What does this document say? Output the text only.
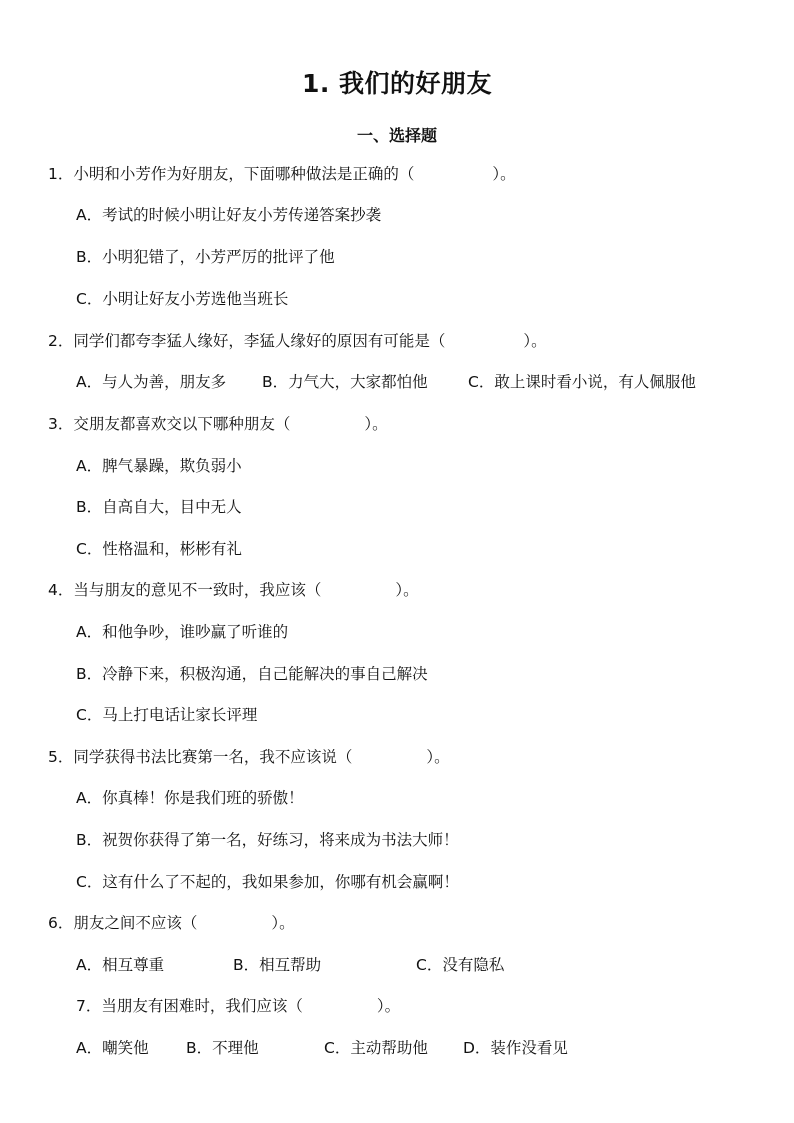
1. 我们的好朋友
一、选择题
1．小明和小芳作为好朋友，下面哪种做法是正确的（	）。
A．考试的时候小明让好友小芳传递答案抄袭
B．小明犯错了，小芳严厉的批评了他
C．小明让好友小芳选他当班长
2．同学们都夸李猛人缘好，李猛人缘好的原因有可能是（	）。
A．与人为善，朋友多 B．力气大，大家都怕他	C．敢上课时看小说，有人佩服他
3．交朋友都喜欢交以下哪种朋友（	）。
A．脾气暴躁，欺负弱小
B．自高自大，目中无人
C．性格温和，彬彬有礼
4．当与朋友的意见不一致时，我应该（	）。
A．和他争吵，谁吵赢了听谁的
B．冷静下来，积极沟通，自己能解决的事自己解决
C．马上打电话让家长评理
5．同学获得书法比赛第一名，我不应该说（	）。
A．你真棒！你是我们班的骄傲！
B．祝贺你获得了第一名，好练习，将来成为书法大师！
C．这有什么了不起的，我如果参加，你哪有机会赢啊！
6．朋友之间不应该（	）。
A．相互尊重	B．相互帮助	C．没有隐私
7．当朋友有困难时，我们应该（	）。
A．嘲笑他 B．不理他	C．主动帮助他 D．装作没看见
